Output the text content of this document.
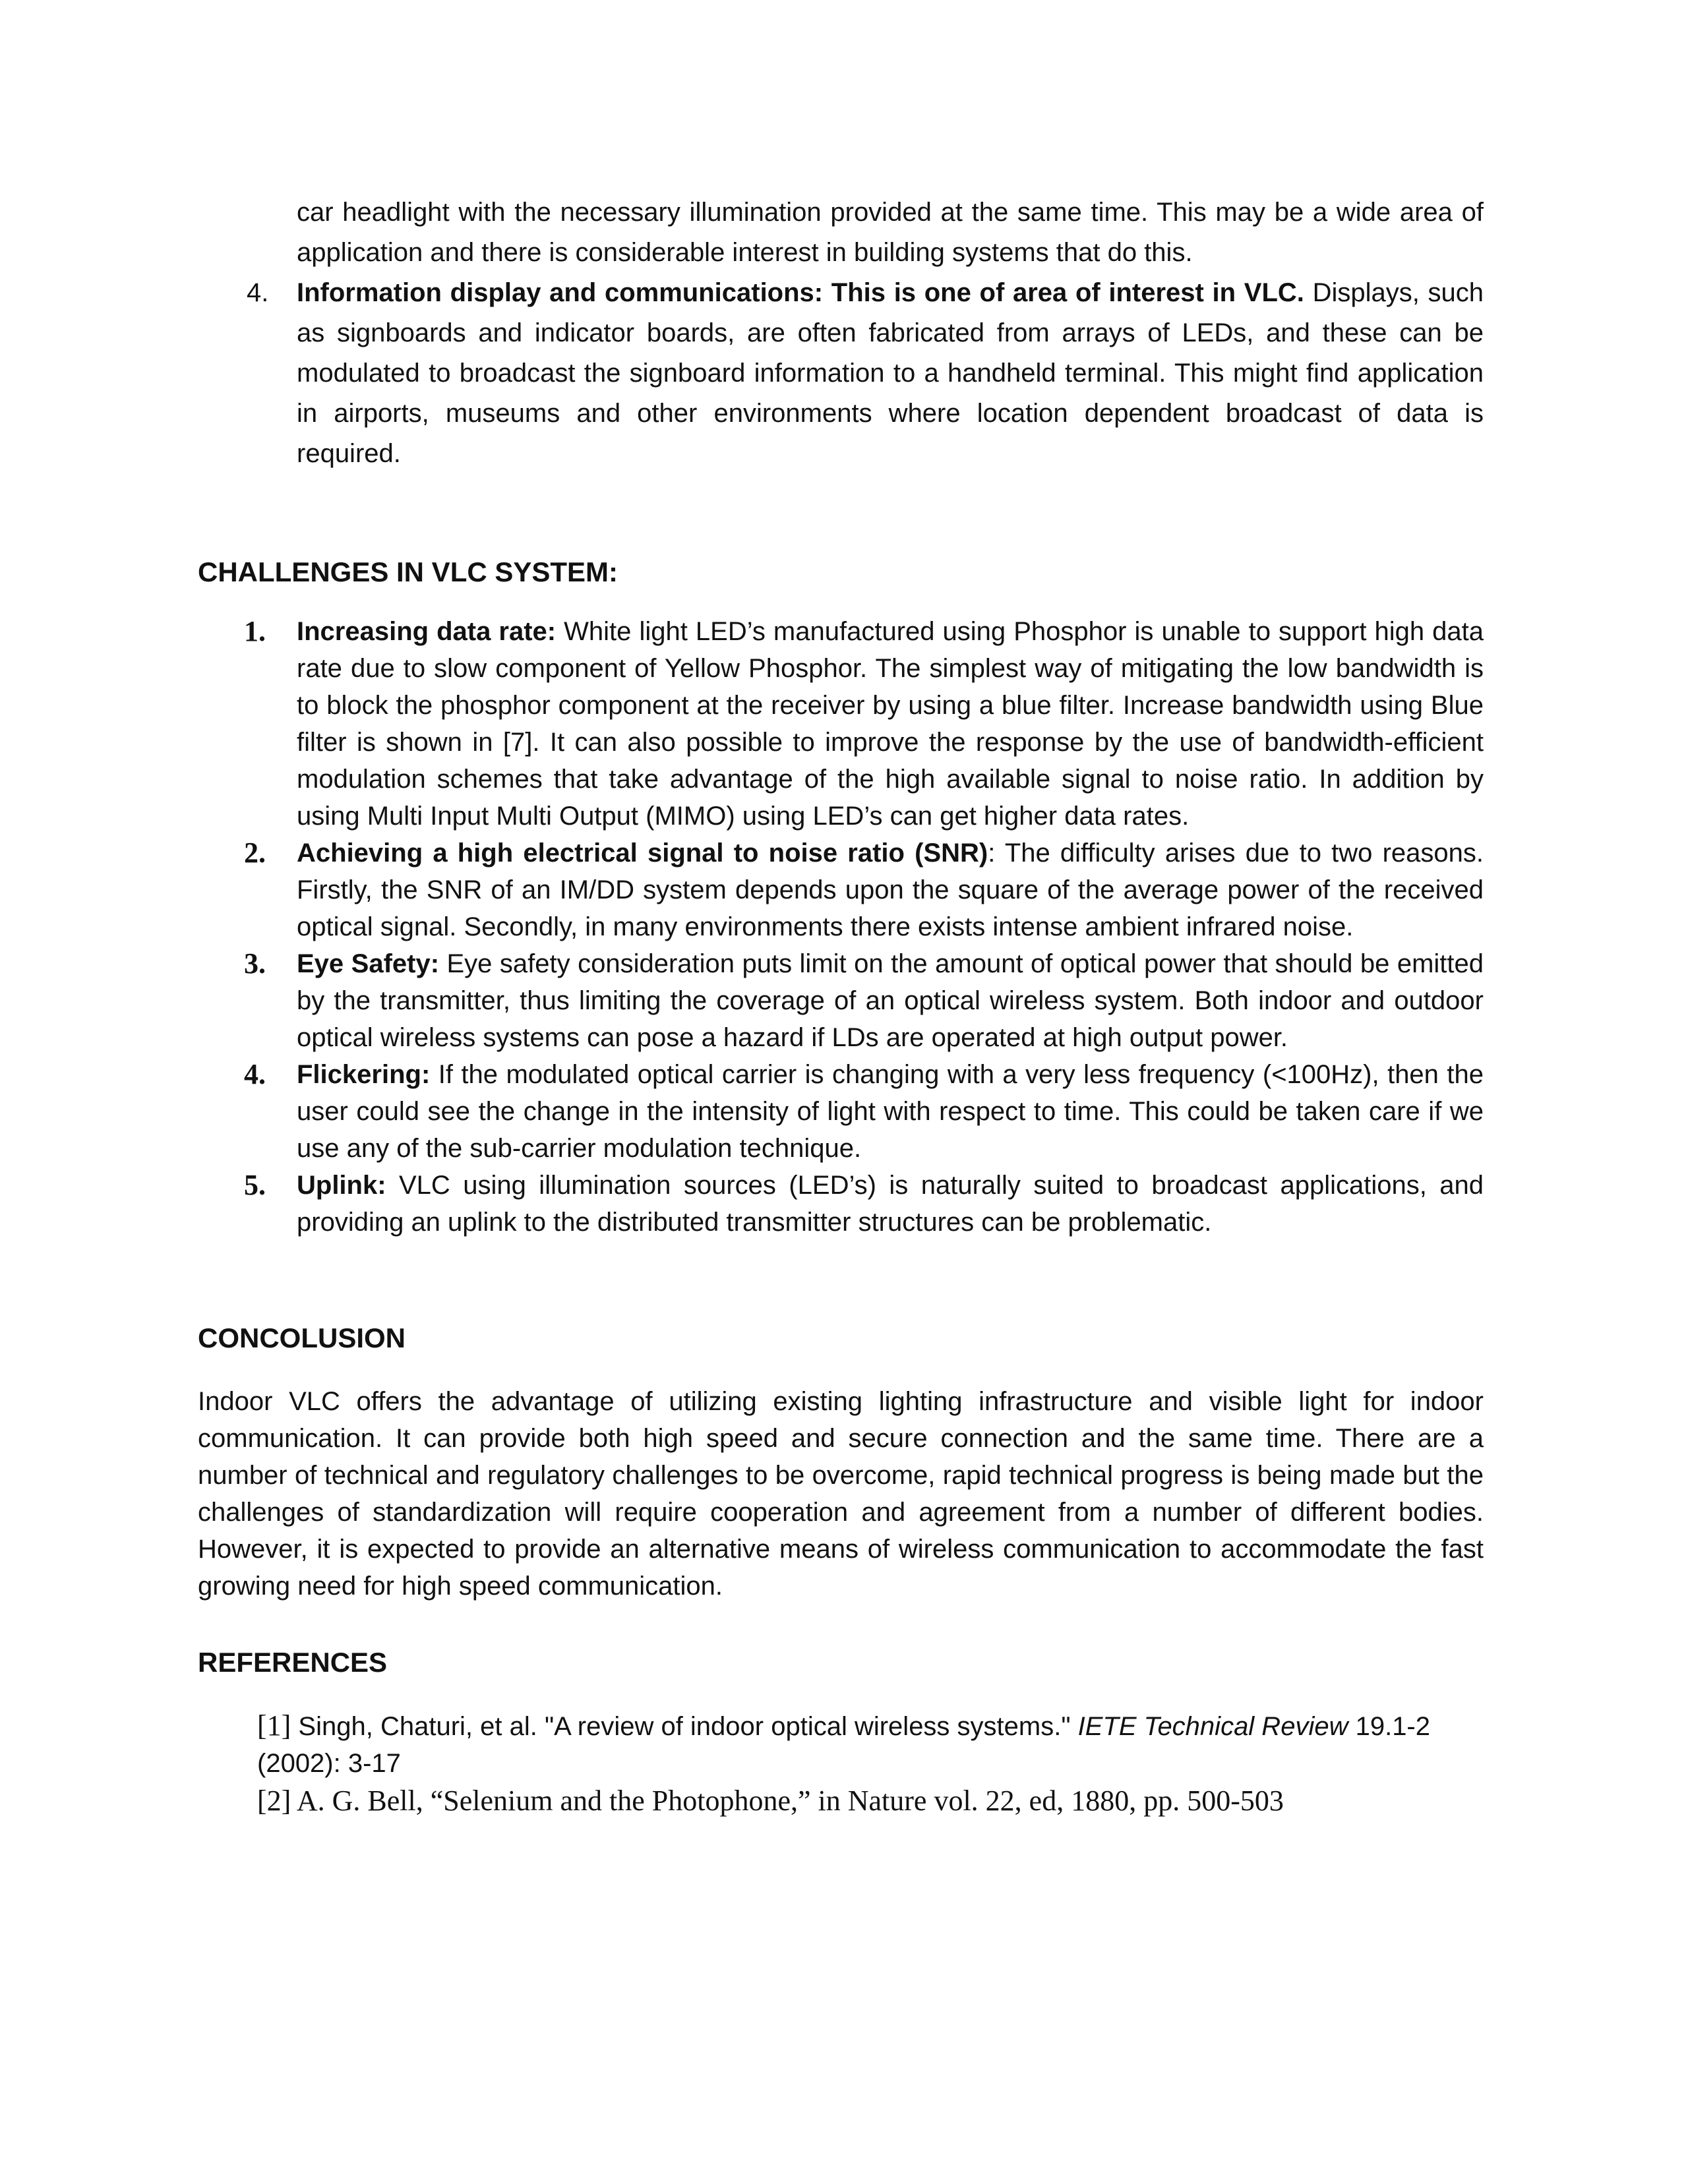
car headlight with the necessary illumination provided at the same time. This may be a wide area of application and there is considerable interest in building systems that do this.

4. Information display and communications: This is one of area of interest in VLC. Displays, such as signboards and indicator boards, are often fabricated from arrays of LEDs, and these can be modulated to broadcast the signboard information to a handheld terminal. This might find application in airports, museums and other environments where location dependent broadcast of data is required.

CHALLENGES IN VLC SYSTEM:
1. Increasing data rate: White light LED’s manufactured using Phosphor is unable to support high data rate due to slow component of Yellow Phosphor. The simplest way of mitigating the low bandwidth is to block the phosphor component at the receiver by using a blue filter. Increase bandwidth using Blue filter is shown in [7]. It can also possible to improve the response by the use of bandwidth-efficient modulation schemes that take advantage of the high available signal to noise ratio. In addition by using Multi Input Multi Output (MIMO) using LED’s can get higher data rates.

2. Achieving a high electrical signal to noise ratio (SNR): The difficulty arises due to two reasons. Firstly, the SNR of an IM/DD system depends upon the square of the average power of the received optical signal. Secondly, in many environments there exists intense ambient infrared noise.

3. Eye Safety: Eye safety consideration puts limit on the amount of optical power that should be emitted by the transmitter, thus limiting the coverage of an optical wireless system. Both indoor and outdoor optical wireless systems can pose a hazard if LDs are operated at high output power.

4. Flickering: If the modulated optical carrier is changing with a very less frequency (<100Hz), then the user could see the change in the intensity of light with respect to time. This could be taken care if we use any of the sub-carrier modulation technique.

5. Uplink: VLC using illumination sources (LED’s) is naturally suited to broadcast applications, and providing an uplink to the distributed transmitter structures can be problematic.

CONCOLUSION

Indoor VLC offers the advantage of utilizing existing lighting infrastructure and visible light for indoor communication. It can provide both high speed and secure connection and the same time. There are a number of technical and regulatory challenges to be overcome, rapid technical progress is being made but the challenges of standardization will require cooperation and agreement from a number of different bodies. However, it is expected to provide an alternative means of wireless communication to accommodate the fast growing need for high speed communication.

REFERENCES

[1] Singh, Chaturi, et al. "A review of indoor optical wireless systems." IETE Technical Review 19.1-2 (2002): 3-17

[2] A. G. Bell, “Selenium and the Photophone,” in Nature vol. 22, ed, 1880, pp. 500-503
